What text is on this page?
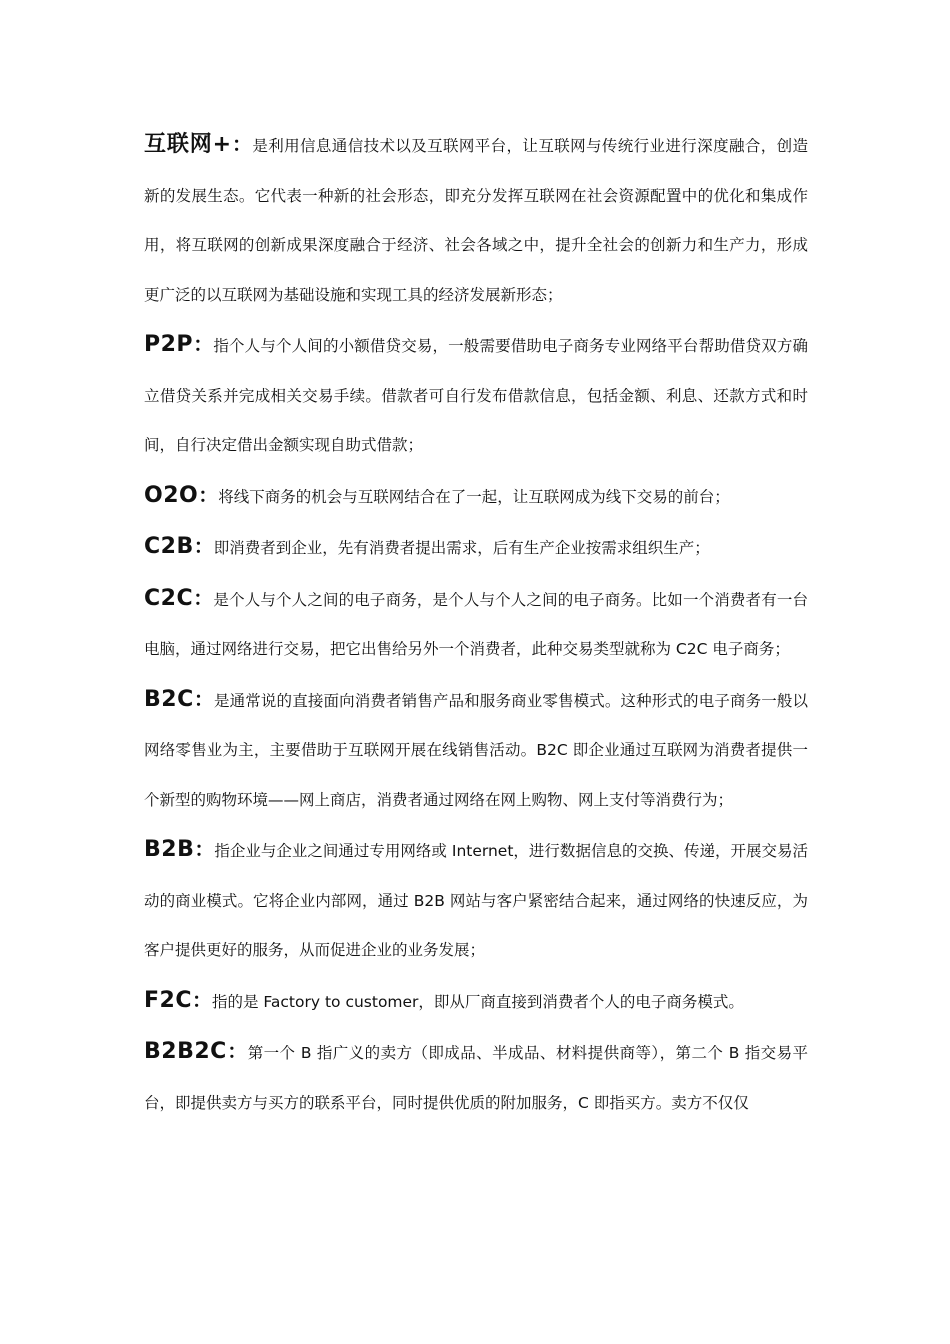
互联网+：是利用信息通信技术以及互联网平台，让互联网与传统行业进行深度融合，创造新的发展生态。它代表一种新的社会形态，即充分发挥互联网在社会资源配置中的优化和集成作用，将互联网的创新成果深度融合于经济、社会各域之中，提升全社会的创新力和生产力，形成更广泛的以互联网为基础设施和实现工具的经济发展新形态；

P2P：指个人与个人间的小额借贷交易，一般需要借助电子商务专业网络平台帮助借贷双方确立借贷关系并完成相关交易手续。借款者可自行发布借款信息，包括金额、利息、还款方式和时间，自行决定借出金额实现自助式借款；

O2O：将线下商务的机会与互联网结合在了一起，让互联网成为线下交易的前台；

C2B：即消费者到企业，先有消费者提出需求，后有生产企业按需求组织生产；

C2C：是个人与个人之间的电子商务，是个人与个人之间的电子商务。比如一个消费者有一台电脑，通过网络进行交易，把它出售给另外一个消费者，此种交易类型就称为 C2C 电子商务；

B2C：是通常说的直接面向消费者销售产品和服务商业零售模式。这种形式的电子商务一般以网络零售业为主，主要借助于互联网开展在线销售活动。B2C 即企业通过互联网为消费者提供一个新型的购物环境——网上商店，消费者通过网络在网上购物、网上支付等消费行为；

B2B：指企业与企业之间通过专用网络或 Internet，进行数据信息的交换、传递，开展交易活动的商业模式。它将企业内部网，通过 B2B 网站与客户紧密结合起来，通过网络的快速反应，为客户提供更好的服务，从而促进企业的业务发展；

F2C：指的是 Factory to customer，即从厂商直接到消费者个人的电子商务模式。

B2B2C：第一个 B 指广义的卖方（即成品、半成品、材料提供商等），第二个 B 指交易平台，即提供卖方与买方的联系平台，同时提供优质的附加服务，C 即指买方。卖方不仅仅
